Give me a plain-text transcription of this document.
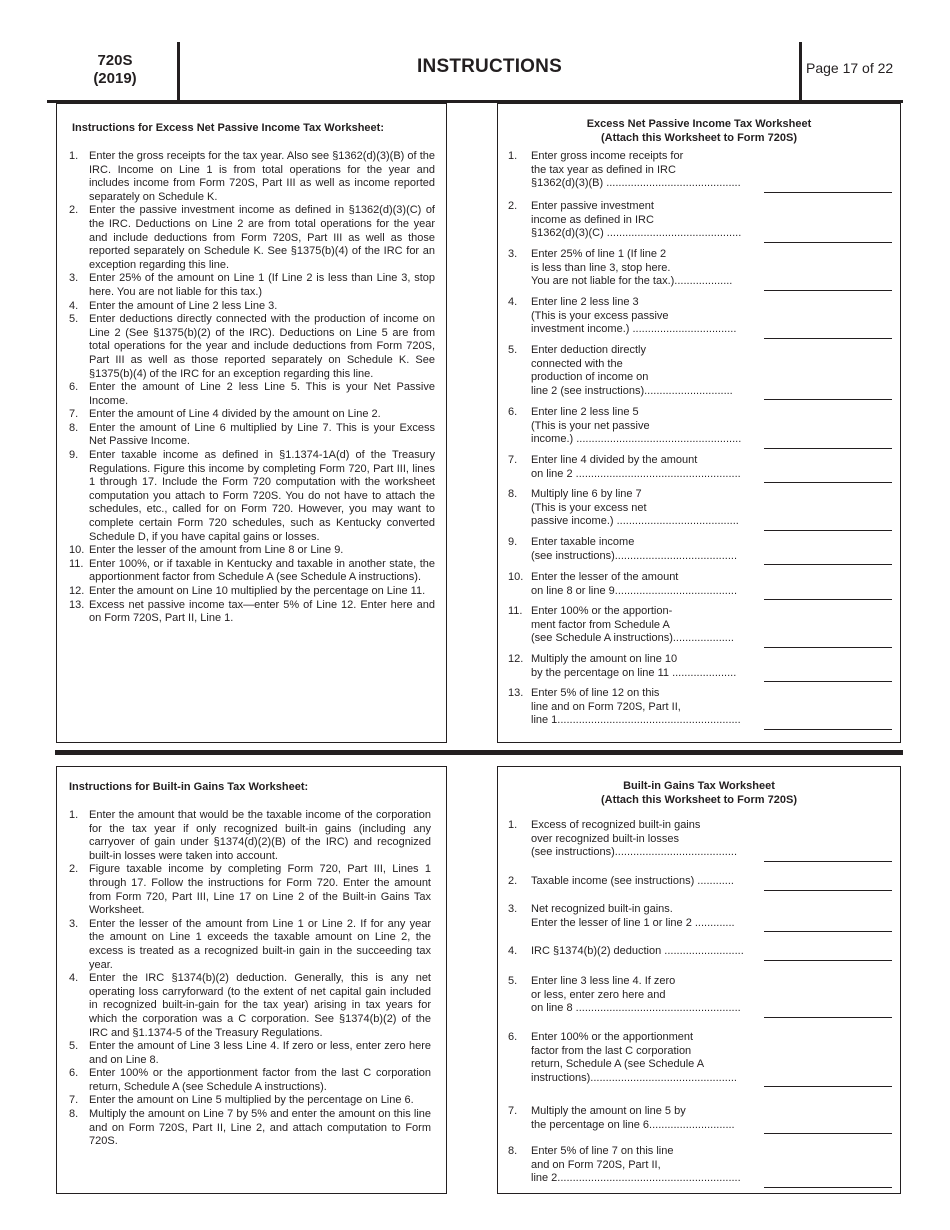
720S
(2019)
INSTRUCTIONS	Page 17 of 22
Instructions for Excess Net Passive Income Tax Worksheet:
1. Enter the gross receipts for the tax year. Also see §1362(d)(3)(B) of the IRC. Income on Line 1 is from total operations for the year and includes income from Form 720S, Part III as well as income reported separately on Schedule K.
2. Enter the passive investment income as defined in §1362(d)(3)(C) of the IRC. Deductions on Line 2 are from total operations for the year and include deductions from Form 720S, Part III as well as those reported separately on Schedule K. See §1375(b)(4) of the IRC for an exception regarding this line.
3. Enter 25% of the amount on Line 1 (If Line 2 is less than Line 3, stop here. You are not liable for this tax.)
4. Enter the amount of Line 2 less Line 3.
5. Enter deductions directly connected with the production of income on Line 2 (See §1375(b)(2) of the IRC). Deductions on Line 5 are from total operations for the year and include deductions from Form 720S, Part III as well as those reported separately on Schedule K. See §1375(b)(4) of the IRC for an exception regarding this line.
6. Enter the amount of Line 2 less Line 5. This is your Net Passive Income.
7. Enter the amount of Line 4 divided by the amount on Line 2.
8. Enter the amount of Line 6 multiplied by Line 7. This is your Excess Net Passive Income.
9. Enter taxable income as defined in §1.1374-1A(d) of the Treasury Regulations. Figure this income by completing Form 720, Part III, lines 1 through 17. Include the Form 720 computation with the worksheet computation you attach to Form 720S. You do not have to attach the schedules, etc., called for on Form 720. However, you may want to complete certain Form 720 schedules, such as Kentucky converted Schedule D, if you have capital gains or losses.
10. Enter the lesser of the amount from Line 8 or Line 9.
11. Enter 100%, or if taxable in Kentucky and taxable in another state, the apportionment factor from Schedule A (see Schedule A instructions).
12. Enter the amount on Line 10 multiplied by the percentage on Line 11.
13. Excess net passive income tax—enter 5% of Line 12. Enter here and on Form 720S, Part II, Line 1.
Excess Net Passive Income Tax Worksheet
(Attach this Worksheet to Form 720S)
1. Enter gross income receipts for
the tax year as defined in IRC
§1362(d)(3)(B) ............................................
2. Enter passive investment
income as defined in IRC
§1362(d)(3)(C) ............................................
3. Enter 25% of line 1 (If line 2
is less than line 3, stop here.
You are not liable for the tax.)...................
4. Enter line 2 less line 3
(This is your excess passive
investment income.) ..................................
5. Enter deduction directly
connected with the
production of income on
line 2 (see instructions).............................
6. Enter line 2 less line 5
(This is your net passive
income.) ......................................................
7. Enter line 4 divided by the amount
on line 2 ......................................................
8. Multiply line 6 by line 7
(This is your excess net
passive income.) ........................................
9. Enter taxable income
(see instructions)........................................
10. Enter the lesser of the amount
on line 8 or line 9........................................
11. Enter 100% or the apportion-
ment factor from Schedule A
(see Schedule A instructions)....................
12. Multiply the amount on line 10
by the percentage on line 11 .....................
13. Enter 5% of line 12 on this
line and on Form 720S, Part II,
line 1............................................................
Instructions for Built-in Gains Tax Worksheet:
1. Enter the amount that would be the taxable income of the corporation for the tax year if only recognized built-in gains (including any carryover of gain under §1374(d)(2)(B) of the IRC) and recognized built-in losses were taken into account.
2. Figure taxable income by completing Form 720, Part III, Lines 1 through 17. Follow the instructions for Form 720. Enter the amount from Form 720, Part III, Line 17 on Line 2 of the Built-in Gains Tax Worksheet.
3. Enter the lesser of the amount from Line 1 or Line 2. If for any year the amount on Line 1 exceeds the taxable amount on Line 2, the excess is treated as a recognized built-in gain in the succeeding tax year.
4. Enter the IRC §1374(b)(2) deduction. Generally, this is any net operating loss carryforward (to the extent of net capital gain included in recognized built-in-gain for the tax year) arising in tax years for which the corporation was a C corporation. See §1374(b)(2) of the IRC and §1.1374-5 of the Treasury Regulations.
5. Enter the amount of Line 3 less Line 4. If zero or less, enter zero here and on Line 8.
6. Enter 100% or the apportionment factor from the last C corporation return, Schedule A (see Schedule A instructions).
7. Enter the amount on Line 5 multiplied by the percentage on Line 6.
8. Multiply the amount on Line 7 by 5% and enter the amount on this line and on Form 720S, Part II, Line 2, and attach computation to Form 720S.
Built-in Gains Tax Worksheet
(Attach this Worksheet to Form 720S)
1. Excess of recognized built-in gains
over recognized built-in losses
(see instructions)........................................
2. Taxable income (see instructions) ............
3. Net recognized built-in gains.
Enter the lesser of line 1 or line 2 .............
4. IRC §1374(b)(2) deduction ..........................
5. Enter line 3 less line 4. If zero
or less, enter zero here and
on line 8 ......................................................
6. Enter 100% or the apportionment
factor from the last C corporation
return, Schedule A (see Schedule A
instructions)................................................
7. Multiply the amount on line 5 by
the percentage on line 6............................
8. Enter 5% of line 7 on this line
and on Form 720S, Part II,
line 2............................................................
